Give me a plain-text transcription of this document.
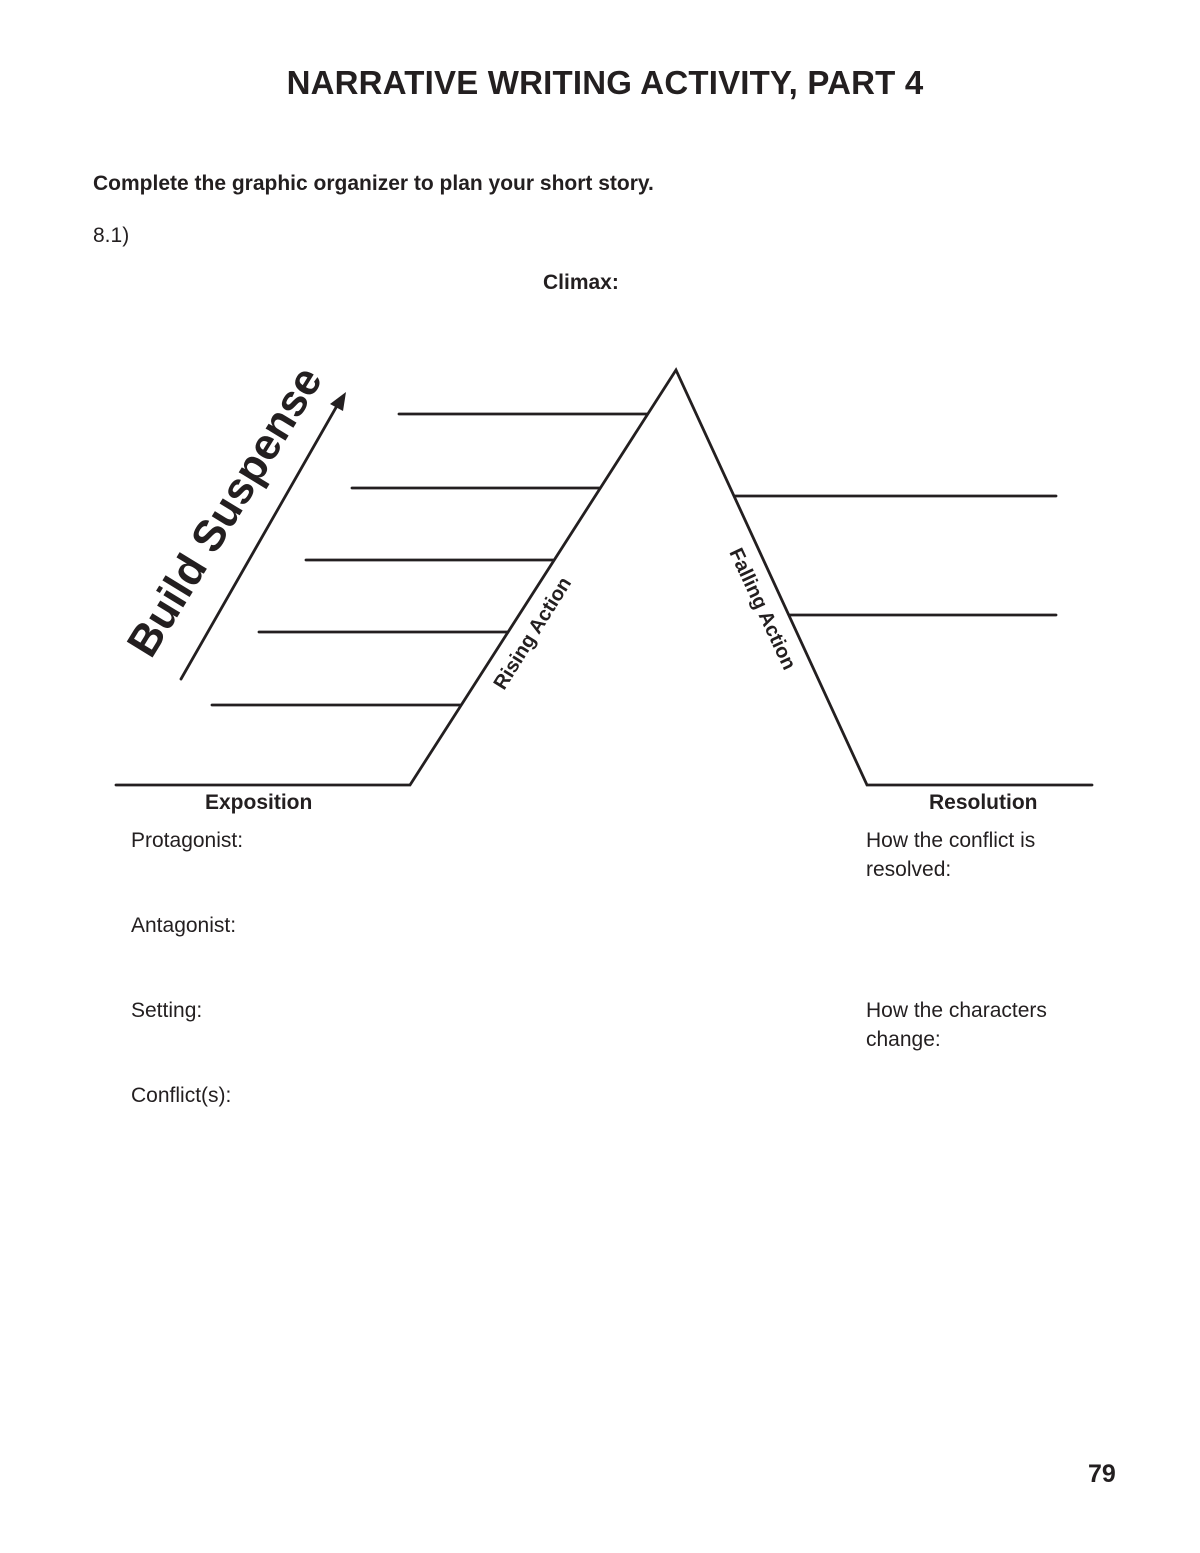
NARRATIVE WRITING ACTIVITY, PART 4
Complete the graphic organizer to plan your short story.
8.1)
Build Suspense	Rising Action	Falling Action
Climax:
Exposition	Resolution
Protagonist:
Antagonist:
Setting:
Conflict(s):
How the conflict is resolved:
How the characters change:
79
